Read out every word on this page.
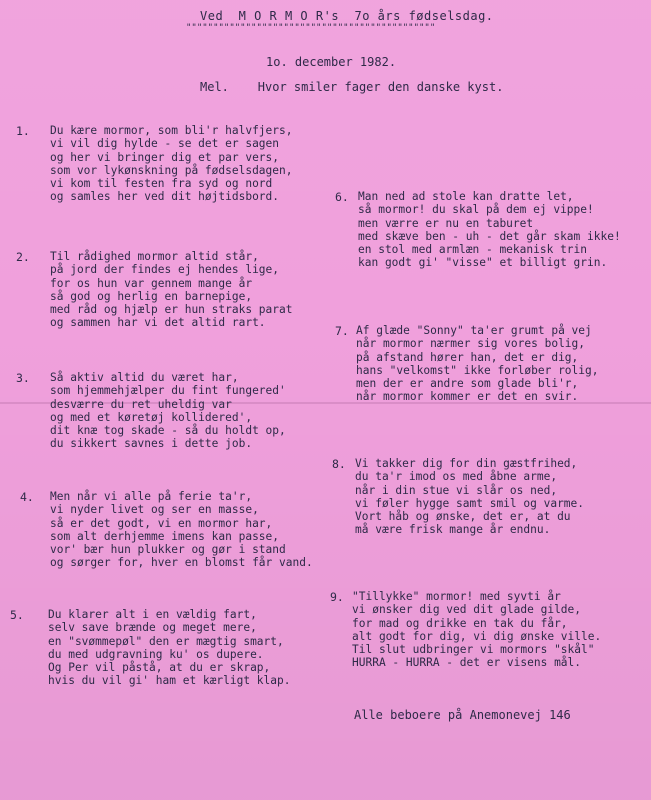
Ved  M O R M O R's  7o års fødselsdag.
""""""""""""""""""""""""""""""""""""""""""""""
1o. december 1982.
Mel.    Hvor smiler fager den danske kyst.
1. Du kære mormor, som bli'r halvfjers,
vi vil dig hylde - se det er sagen
og her vi bringer dig et par vers,
som vor lykønskning på fødselsdagen,
vi kom til festen fra syd og nord
og samles her ved dit højtidsbord.
2. Til rådighed mormor altid står,
på jord der findes ej hendes lige,
for os hun var gennem mange år
så god og herlig en barnepige,
med råd og hjælp er hun straks parat
og sammen har vi det altid rart.
3. Så aktiv altid du været har,
som hjemmehjælper du fint fungered'
desværre du ret uheldig var
og med et køretøj kollidered',
dit knæ tog skade - så du holdt op,
du sikkert savnes i dette job.
4. Men når vi alle på ferie ta'r,
vi nyder livet og ser en masse,
så er det godt, vi en mormor har,
som alt derhjemme imens kan passe,
vor' bær hun plukker og gør i stand
og sørger for, hver en blomst får vand.
5. Du klarer alt i en vældig fart,
selv save brænde og meget mere,
en "svømmepøl" den er mægtig smart,
du med udgravning ku' os dupere.
Og Per vil påstå, at du er skrap,
hvis du vil gi' ham et kærligt klap.
6. Man ned ad stole kan dratte let,
så mormor! du skal på dem ej vippe!
men værre er nu en taburet
med skæve ben - uh - det går skam ikke!
en stol med armlæn - mekanisk trin
kan godt gi' "visse" et billigt grin.
7. Af glæde "Sonny" ta'er grumt på vej
når mormor nærmer sig vores bolig,
på afstand hører han, det er dig,
hans "velkomst" ikke forløber rolig,
men der er andre som glade bli'r,
når mormor kommer er det en svir.
8. Vi takker dig for din gæstfrihed,
du ta'r imod os med åbne arme,
når i din stue vi slår os ned,
vi føler hygge samt smil og varme.
Vort håb og ønske, det er, at du
må være frisk mange år endnu.
9. "Tillykke" mormor! med syvti år
vi ønsker dig ved dit glade gilde,
for mad og drikke en tak du får,
alt godt for dig, vi dig ønske ville.
Til slut udbringer vi mormors "skål"
HURRA - HURRA - det er visens mål.
Alle beboere på Anemonevej 146
